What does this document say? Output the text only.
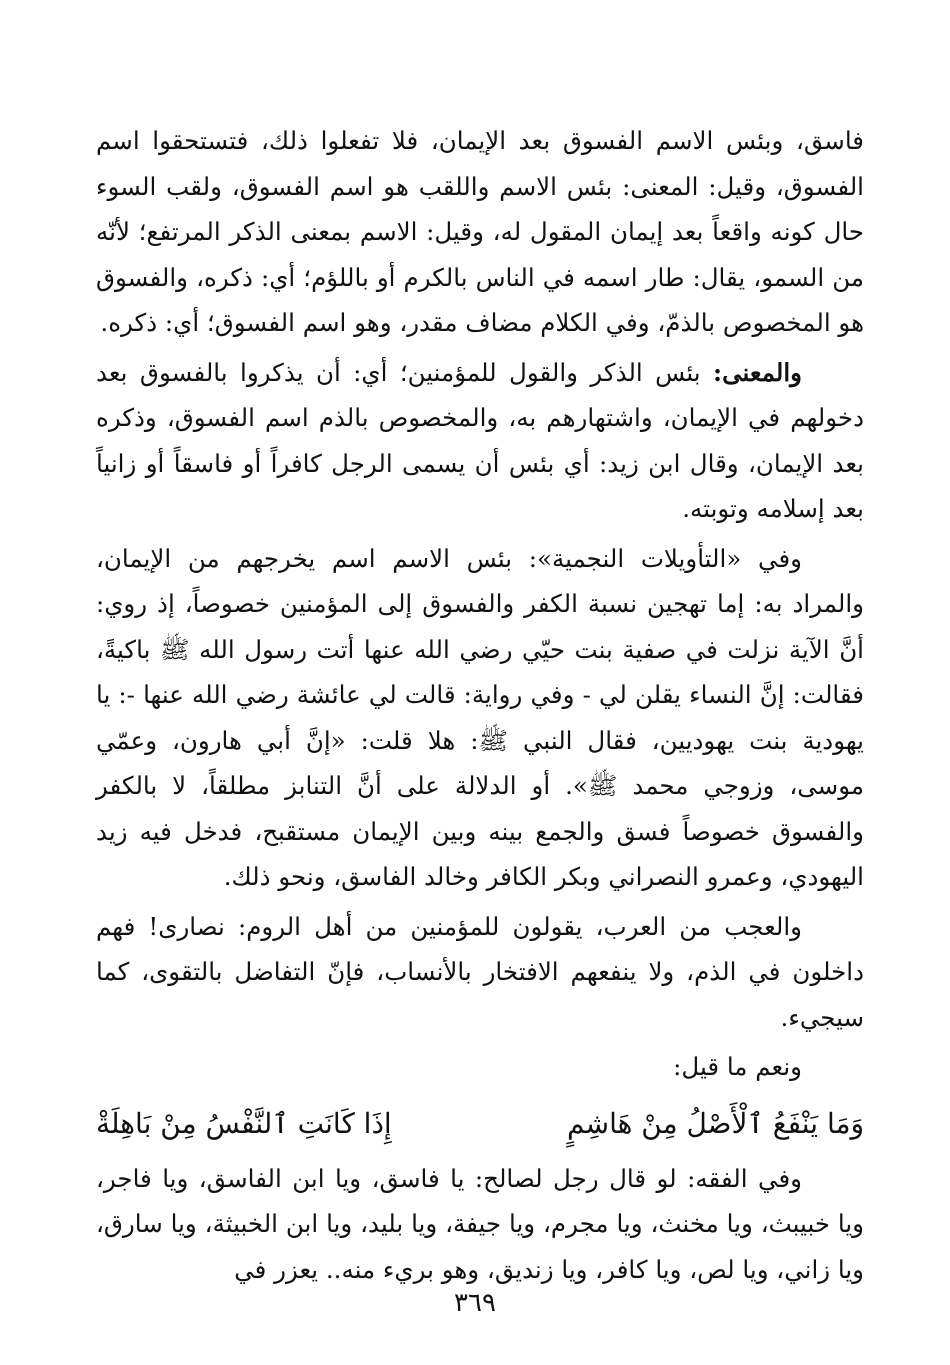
فاسق، وبئس الاسم الفسوق بعد الإيمان، فلا تفعلوا ذلك، فتستحقوا اسم الفسوق، وقيل: المعنى: بئس الاسم واللقب هو اسم الفسوق، ولقب السوء حال كونه واقعاً بعد إيمان المقول له، وقيل: الاسم بمعنى الذكر المرتفع؛ لأنّه من السمو، يقال: طار اسمه في الناس بالكرم أو باللؤم؛ أي: ذكره، والفسوق هو المخصوص بالذمّ، وفي الكلام مضاف مقدر، وهو اسم الفسوق؛ أي: ذكره.

والمعنى: بئس الذكر والقول للمؤمنين؛ أي: أن يذكروا بالفسوق بعد دخولهم في الإيمان، واشتهارهم به، والمخصوص بالذم اسم الفسوق، وذكره بعد الإيمان، وقال ابن زيد: أي بئس أن يسمى الرجل كافراً أو فاسقاً أو زانياً بعد إسلامه وتوبته.

وفي «التأويلات النجمية»: بئس الاسم اسم يخرجهم من الإيمان، والمراد به: إما تهجين نسبة الكفر والفسوق إلى المؤمنين خصوصاً، إذ روي: أنَّ الآية نزلت في صفية بنت حيّي رضي الله عنها أتت رسول الله ﷺ باكيةً، فقالت: إنَّ النساء يقلن لي - وفي رواية: قالت لي عائشة رضي الله عنها -: يا يهودية بنت يهوديين، فقال النبي ﷺ: هلا قلت: «إنَّ أبي هارون، وعمّي موسى، وزوجي محمد ﷺ». أو الدلالة على أنَّ التنابز مطلقاً، لا بالكفر والفسوق خصوصاً فسق والجمع بينه وبين الإيمان مستقبح، فدخل فيه زيد اليهودي، وعمرو النصراني وبكر الكافر وخالد الفاسق، ونحو ذلك.

والعجب من العرب، يقولون للمؤمنين من أهل الروم: نصارى! فهم داخلون في الذم، ولا ينفعهم الافتخار بالأنساب، فإنّ التفاضل بالتقوى، كما سيجيء.

ونعم ما قيل:

وَمَا يَنْفَعُ ٱلْأَصْلُ مِنْ هَاشِمٍ
إِذَا كَانَتِ ٱلنَّفْسُ مِنْ بَاهِلَةْ

وفي الفقه: لو قال رجل لصالح: يا فاسق، ويا ابن الفاسق، ويا فاجر، ويا خبيبث، ويا مخنث، ويا مجرم، ويا جيفة، ويا بليد، ويا ابن الخبيثة، ويا سارق، ويا زاني، ويا لص، ويا كافر، ويا زنديق، وهو بريء منه.. يعزر في

٣٦٩
